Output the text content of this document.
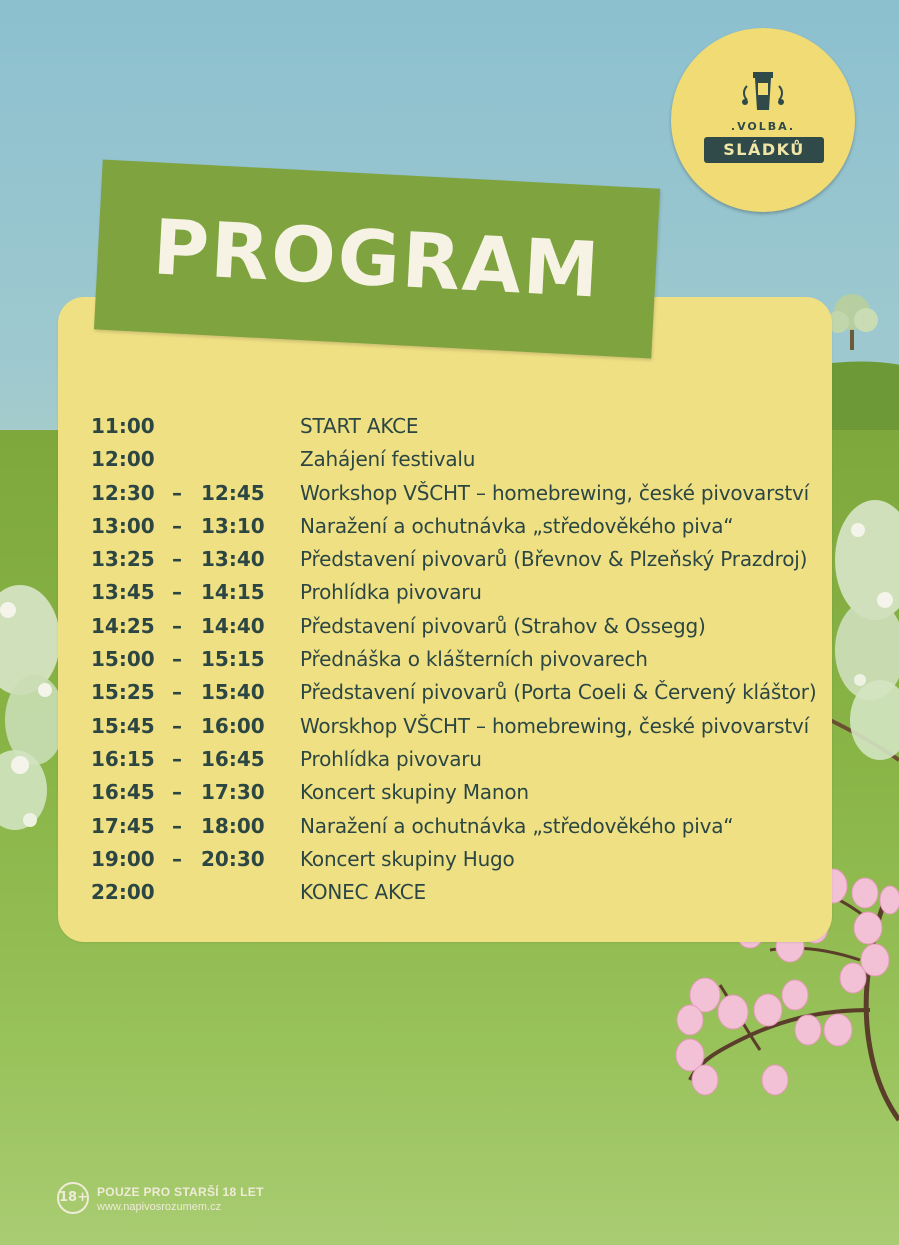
.VOLBA.
SLÁDKŮ
PROGRAM
11:00	START AKCE
12:00	Zahájení festivalu
12:30 – 12:45 Workshop VŠCHT – homebrewing, české pivovarství
13:00 – 13:10 Naražení a ochutnávka „středověkého piva“
13:25 – 13:40 Představení pivovarů (Břevnov & Plzeňský Prazdroj)
13:45 – 14:15 Prohlídka pivovaru
14:25 – 14:40 Představení pivovarů (Strahov & Ossegg)
15:00 – 15:15 Přednáška o klášterních pivovarech
15:25 – 15:40 Představení pivovarů (Porta Coeli & Červený kláštor)
15:45 – 16:00 Worskhop VŠCHT – homebrewing, české pivovarství
16:15 – 16:45 Prohlídka pivovaru
16:45 – 17:30 Koncert skupiny Manon
17:45 – 18:00 Naražení a ochutnávka „středověkého piva“
19:00 – 20:30 Koncert skupiny Hugo
22:00	KONEC AKCE
18+ POUZE PRO STARŠÍ 18 LET
www.napivosrozumem.cz
